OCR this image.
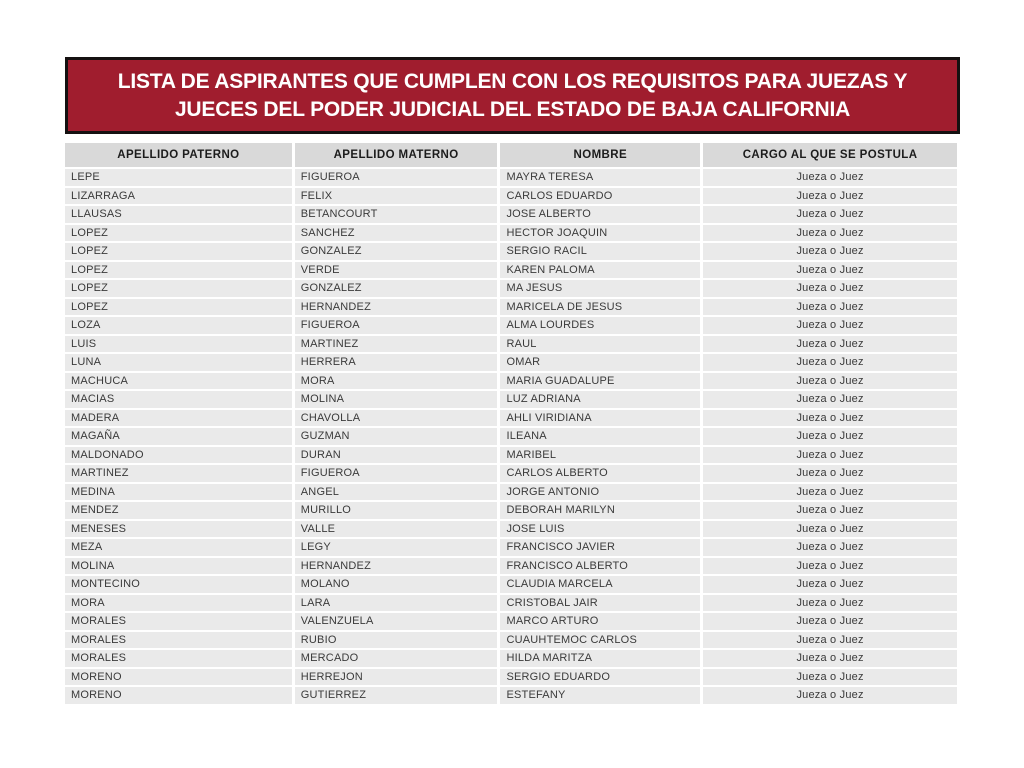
LISTA DE ASPIRANTES QUE CUMPLEN CON LOS REQUISITOS PARA JUEZAS Y
JUECES DEL PODER JUDICIAL DEL ESTADO DE BAJA CALIFORNIA
APELLIDO PATERNO	APELLIDO MATERNO	NOMBRE	CARGO AL QUE SE POSTULA
LEPE	FIGUEROA	MAYRA TERESA	Jueza o Juez
LIZARRAGA	FELIX	CARLOS EDUARDO	Jueza o Juez
LLAUSAS	BETANCOURT	JOSE ALBERTO	Jueza o Juez
LOPEZ	SANCHEZ	HECTOR JOAQUIN	Jueza o Juez
LOPEZ	GONZALEZ	SERGIO RACIL	Jueza o Juez
LOPEZ	VERDE	KAREN PALOMA	Jueza o Juez
LOPEZ	GONZALEZ	MA JESUS	Jueza o Juez
LOPEZ	HERNANDEZ	MARICELA DE JESUS	Jueza o Juez
LOZA	FIGUEROA	ALMA LOURDES	Jueza o Juez
LUIS	MARTINEZ	RAUL	Jueza o Juez
LUNA	HERRERA	OMAR	Jueza o Juez
MACHUCA	MORA	MARIA GUADALUPE	Jueza o Juez
MACIAS	MOLINA	LUZ ADRIANA	Jueza o Juez
MADERA	CHAVOLLA	AHLI VIRIDIANA	Jueza o Juez
MAGAÑA	GUZMAN	ILEANA	Jueza o Juez
MALDONADO	DURAN	MARIBEL	Jueza o Juez
MARTINEZ	FIGUEROA	CARLOS ALBERTO	Jueza o Juez
MEDINA	ANGEL	JORGE ANTONIO	Jueza o Juez
MENDEZ	MURILLO	DEBORAH MARILYN	Jueza o Juez
MENESES	VALLE	JOSE LUIS	Jueza o Juez
MEZA	LEGY	FRANCISCO JAVIER	Jueza o Juez
MOLINA	HERNANDEZ	FRANCISCO ALBERTO	Jueza o Juez
MONTECINO	MOLANO	CLAUDIA MARCELA	Jueza o Juez
MORA	LARA	CRISTOBAL JAIR	Jueza o Juez
MORALES	VALENZUELA	MARCO ARTURO	Jueza o Juez
MORALES	RUBIO	CUAUHTEMOC CARLOS	Jueza o Juez
MORALES	MERCADO	HILDA MARITZA	Jueza o Juez
MORENO	HERREJON	SERGIO EDUARDO	Jueza o Juez
MORENO	GUTIERREZ	ESTEFANY	Jueza o Juez
